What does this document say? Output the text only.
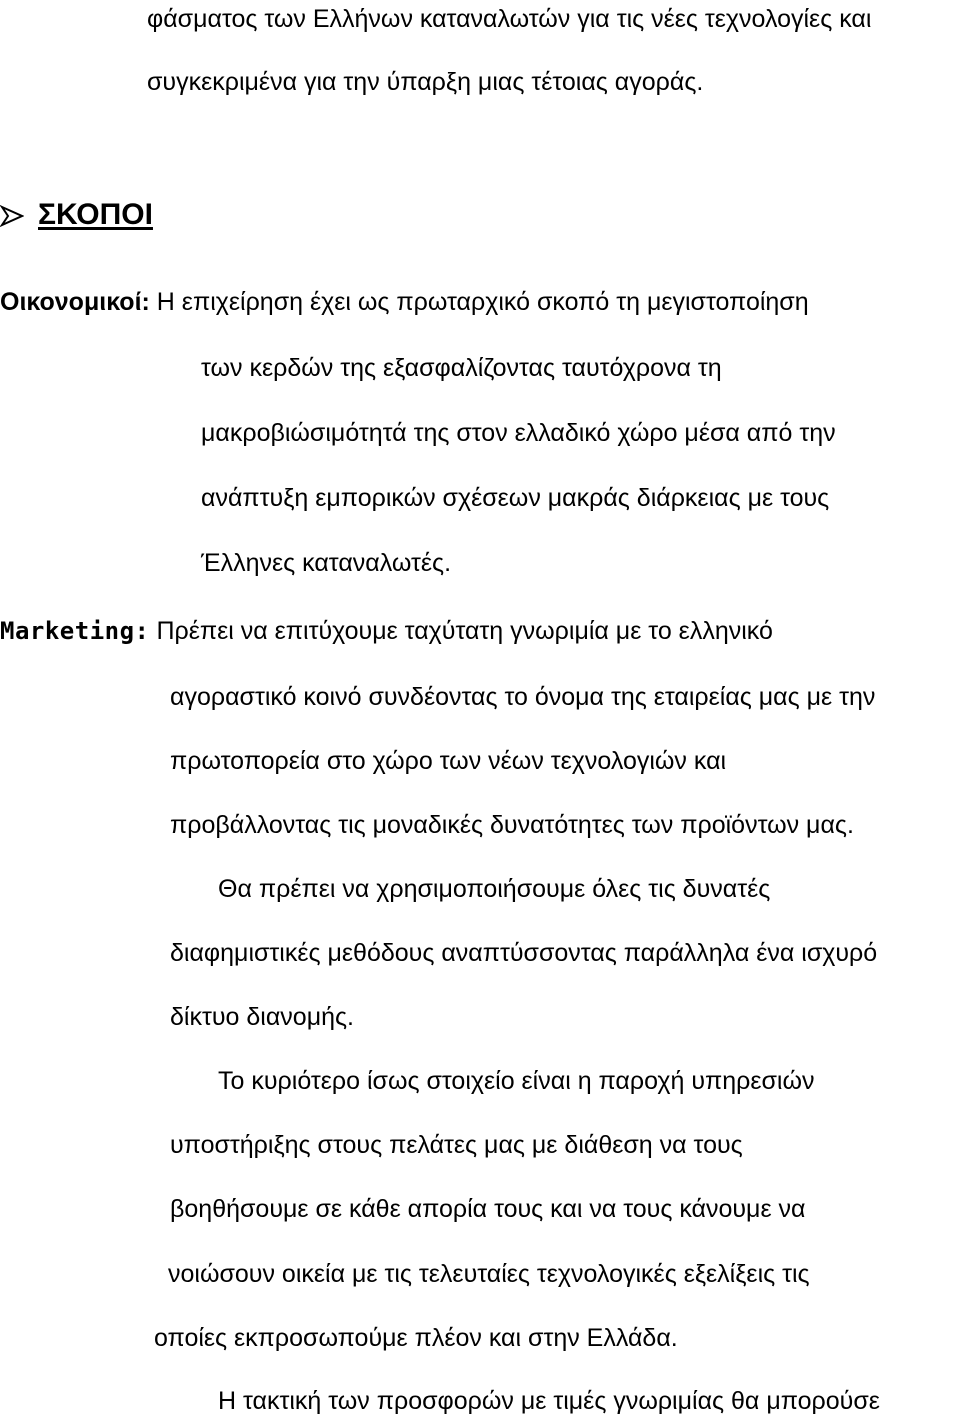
φάσματος των Ελλήνων καταναλωτών για τις νέες τεχνολογίες και

συγκεκριμένα για την ύπαρξη μιας τέτοιας αγοράς.

ΣΚΟΠΟΙ

Οικονομικοί: Η επιχείρηση έχει ως πρωταρχικό σκοπό τη μεγιστοποίηση

των κερδών της εξασφαλίζοντας ταυτόχρονα τη

μακροβιώσιμότητά της στον ελλαδικό χώρο μέσα από την

ανάπτυξη εμπορικών σχέσεων μακράς διάρκειας με τους

Έλληνες καταναλωτές.

Marketing: Πρέπει να επιτύχουμε ταχύτατη γνωριμία με το ελληνικό

αγοραστικό κοινό συνδέοντας το όνομα της εταιρείας μας με την

πρωτοπορεία στο χώρο των νέων τεχνολογιών και

προβάλλοντας τις μοναδικές δυνατότητες των προϊόντων μας.

Θα πρέπει να χρησιμοποιήσουμε όλες τις δυνατές

διαφημιστικές μεθόδους αναπτύσσοντας παράλληλα ένα ισχυρό

δίκτυο διανομής.

Το κυριότερο ίσως στοιχείο είναι η παροχή υπηρεσιών

υποστήριξης στους πελάτες μας με διάθεση να τους

βοηθήσουμε σε κάθε απορία τους και να τους κάνουμε να

νοιώσουν οικεία με τις τελευταίες τεχνολογικές εξελίξεις τις

οποίες εκπροσωπούμε πλέον και στην Ελλάδα.

Η τακτική των προσφορών με τιμές γνωριμίας θα μπορούσε
